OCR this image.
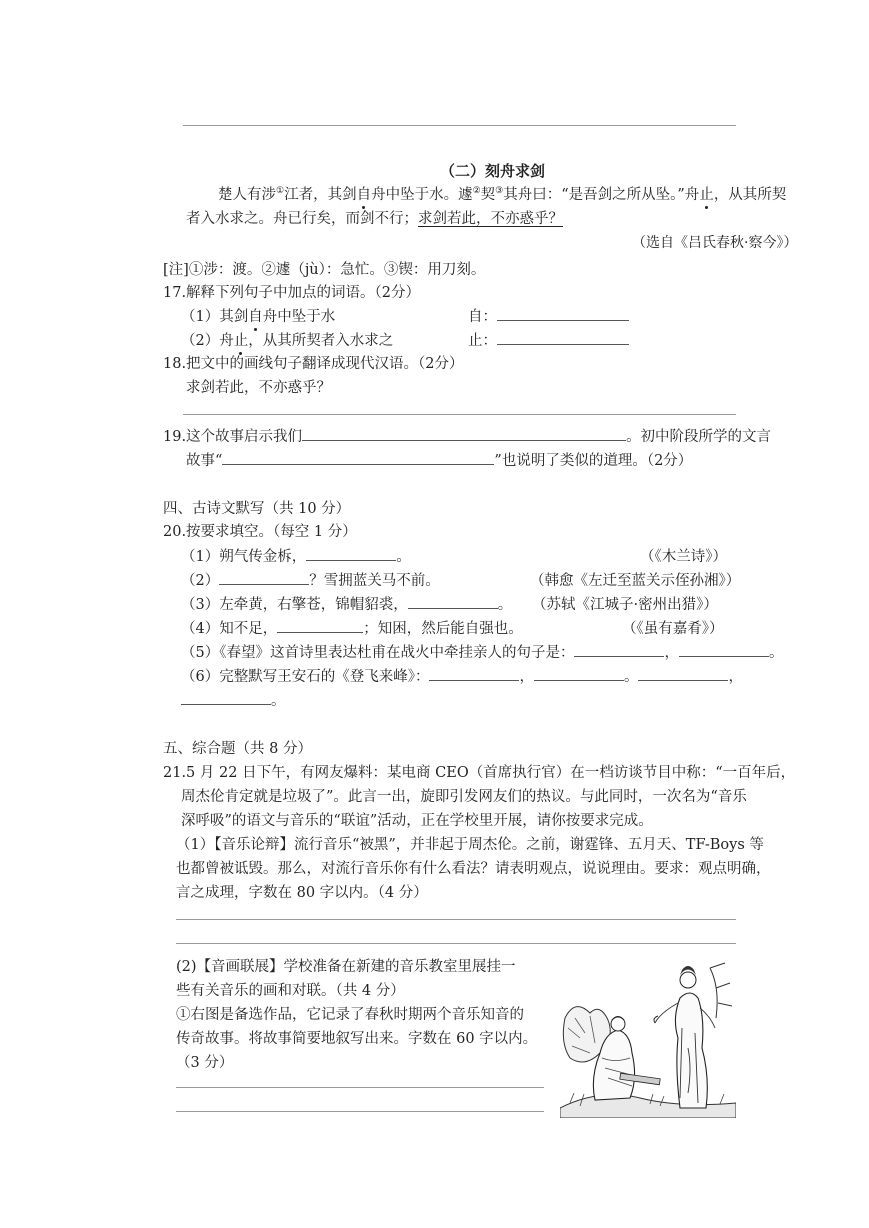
（二）刻舟求剑
楚人有涉①江者，其剑自舟中坠于水。遽②契③其舟曰：“是吾剑之所从坠。”舟止，从其所契
者入水求之。舟已行矣，而剑不行；求剑若此，不亦惑乎？
（选自《吕氏春秋·察今》）
[注]①涉：渡。②遽（jù）：急忙。③锲：用刀刻。
17.解释下列句子中加点的词语。（2分）
（1）其剑自舟中坠于水	自：
（2）舟止，从其所契者入水求之	止：
18.把文中的画线句子翻译成现代汉语。（2分）
求剑若此，不亦惑乎？
19.这个故事启示我们	。初中阶段所学的文言
故事“	”也说明了类似的道理。（2分）
四、古诗文默写（共 10 分）
20.按要求填空。（每空 1 分）
（1）朔气传金柝，	。	（《木兰诗》）
（2）	？雪拥蓝关马不前。	（韩愈《左迁至蓝关示侄孙湘》）
（3）左牵黄，右擎苍，锦帽貂裘，	。 （苏轼《江城子·密州出猎》）
（4）知不足，	；知困，然后能自强也。	（《虽有嘉肴》）
（5）《春望》这首诗里表达杜甫在战火中牵挂亲人的句子是：	，	。
（6）完整默写王安石的《登飞来峰》：	，	。	，
。
五、综合题（共 8 分）
21.5 月 22 日下午，有网友爆料：某电商 CEO（首席执行官）在一档访谈节目中称：“一百年后，
周杰伦肯定就是垃圾了”。此言一出，旋即引发网友们的热议。与此同时，一次名为“音乐
深呼吸”的语文与音乐的“联谊”活动，正在学校里开展，请你按要求完成。
（1）【音乐论辩】流行音乐“被黑”，并非起于周杰伦。之前，谢霆锋、五月天、TF-Boys 等
也都曾被诋毁。那么，对流行音乐你有什么看法？请表明观点，说说理由。要求：观点明确，
言之成理，字数在 80 字以内。（4 分）
(2)【音画联展】学校准备在新建的音乐教室里展挂一
些有关音乐的画和对联。（共 4 分）
①右图是备选作品，它记录了春秋时期两个音乐知音的
传奇故事。将故事简要地叙写出来。字数在 60 字以内。
（3 分）
